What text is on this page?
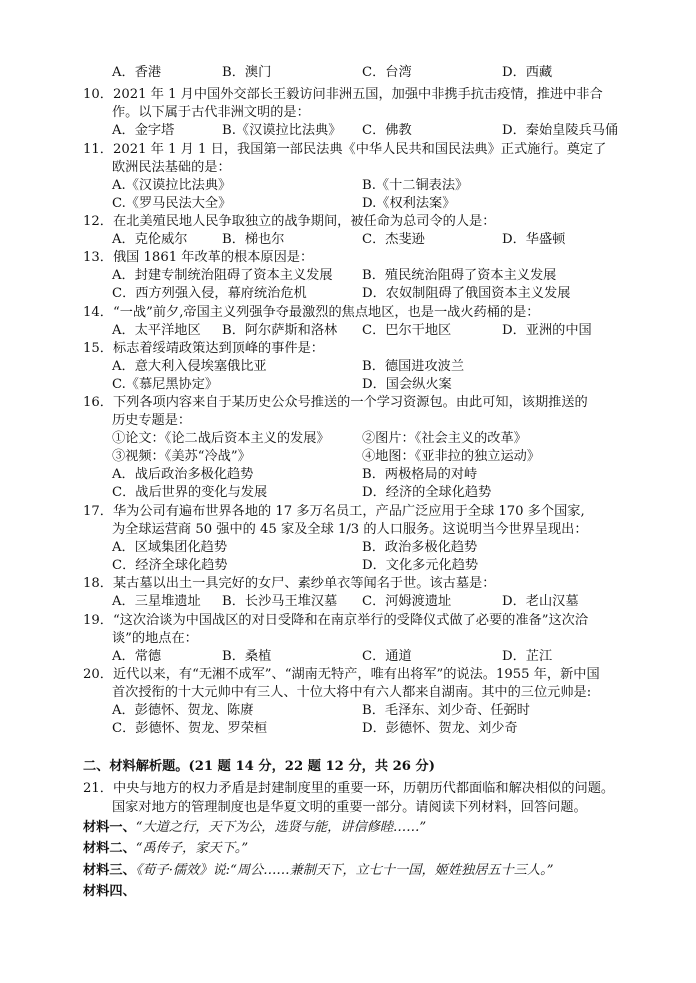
A．香港	B．澳门	C．台湾	D．西藏
10．2021 年 1 月中国外交部长王毅访问非洲五国，加强中非携手抗击疫情，推进中非合
作。以下属于古代非洲文明的是：
A．金字塔	B.《汉谟拉比法典》 C．佛教	D．秦始皇陵兵马俑
11．2021 年 1 月 1 日，我国第一部民法典《中华人民共和国民法典》正式施行。奠定了
欧洲民法基础的是：
A.《汉谟拉比法典》	B.《十二铜表法》
C.《罗马民法大全》	D.《权利法案》
12．在北美殖民地人民争取独立的战争期间，被任命为总司令的人是：
A．克伦威尔	B．梯也尔	C．杰斐逊	D．华盛顿
13．俄国 1861 年改革的根本原因是：
A．封建专制统治阻碍了资本主义发展 B．殖民统治阻碍了资本主义发展
C．西方列强入侵，幕府统治危机	D．农奴制阻碍了俄国资本主义发展
14．“一战”前夕,帝国主义列强争夺最激烈的焦点地区，也是一战火药桶的是：
A．太平洋地区 B．阿尔萨斯和洛林 C．巴尔干地区	D．亚洲的中国
15．标志着绥靖政策达到顶峰的事件是：
A．意大利入侵埃塞俄比亚	B．德国进攻波兰
C.《慕尼黑协定》	D．国会纵火案
16．下列各项内容来自于某历史公众号推送的一个学习资源包。由此可知，该期推送的
历史专题是：
①论文：《论二战后资本主义的发展》 ②图片：《社会主义的改革》
③视频：《美苏“冷战”》	④地图：《亚非拉的独立运动》
A．战后政治多极化趋势	B．两极格局的对峙
C．战后世界的变化与发展	D．经济的全球化趋势
17．华为公司有遍布世界各地的 17 多万名员工，产品广泛应用于全球 170 多个国家,
为全球运营商 50 强中的 45 家及全球 1/3 的人口服务。这说明当今世界呈现出：
A．区域集团化趋势	B．政治多极化趋势
C．经济全球化趋势	D．文化多元化趋势
18．某古墓以出土一具完好的女尸、素纱单衣等闻名于世。该古墓是：
A．三星堆遗址 B．长沙马王堆汉墓 C．河姆渡遗址	D．老山汉墓
19．“这次洽谈为中国战区的对日受降和在南京举行的受降仪式做了必要的准备”这次洽
谈”的地点在：
A．常德	B．桑植	C．通道	D．芷江
20．近代以来，有“无湘不成军”、“湖南无特产，唯有出将军”的说法。1955 年，新中国
首次授衔的十大元帅中有三人、十位大将中有六人都来自湖南。其中的三位元帅是:
A．彭德怀、贺龙、陈赓	B．毛泽东、刘少奇、任弼时
C．彭德怀、贺龙、罗荣桓	D．彭德怀、贺龙、刘少奇
二、材料解析题。(21 题 14 分，22 题 12 分，共 26 分)
21．中央与地方的权力矛盾是封建制度里的重要一环，历朝历代都面临和解决相似的问题。
国家对地方的管理制度也是华夏文明的重要一部分。请阅读下列材料，回答问题。
材料一、“大道之行，天下为公，选贤与能，讲信修睦……”
材料二、“禹传子，家天下。”
材料三、《荀子·儒效》说:“周公……兼制天下，立七十一国，姬姓独居五十三人。”
材料四、
